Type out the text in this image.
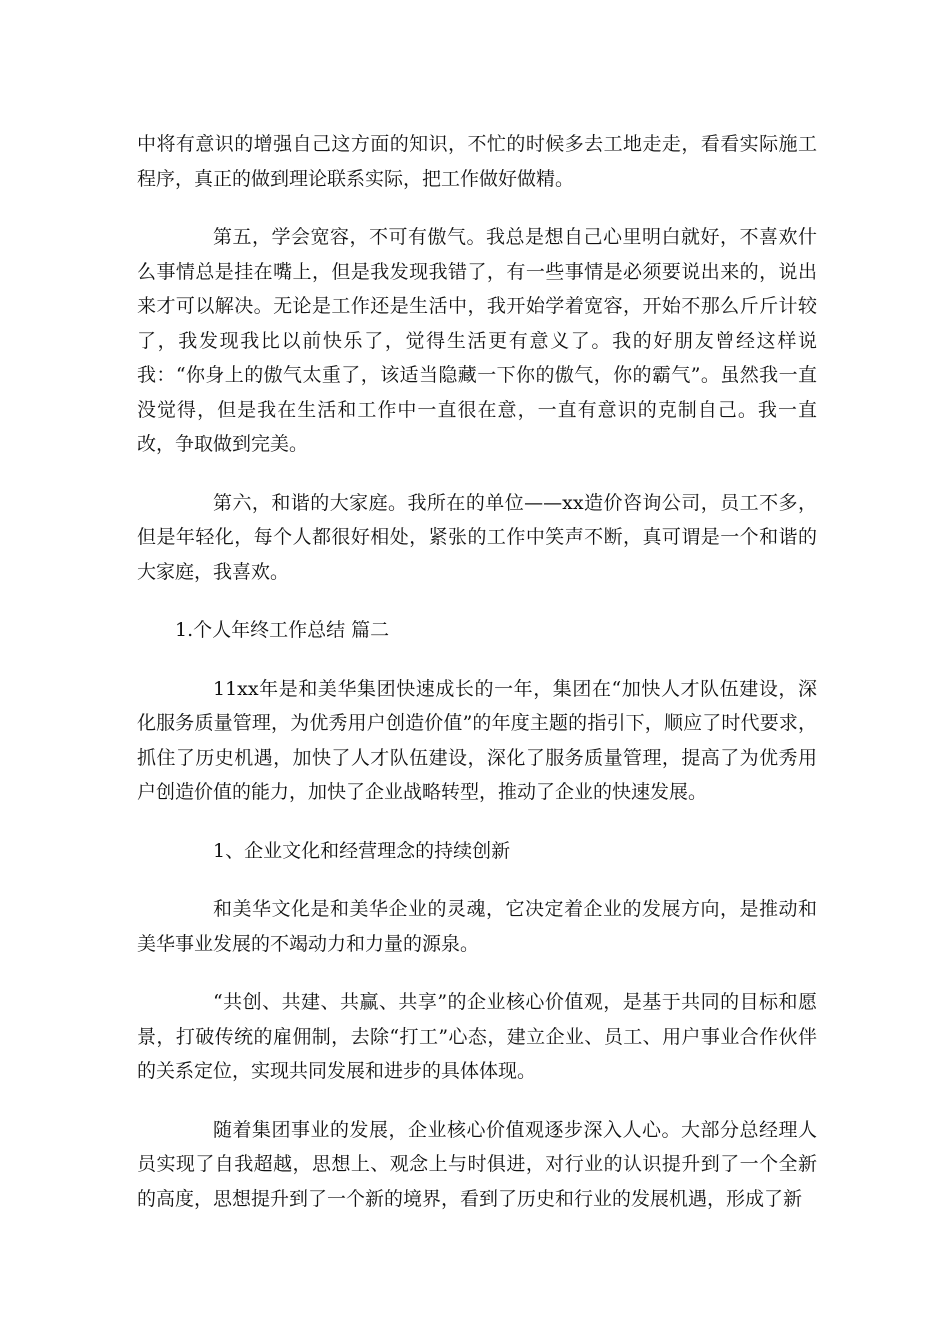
中将有意识的增强自己这方面的知识，不忙的时候多去工地走走，看看实际施工程序，真正的做到理论联系实际，把工作做好做精。

第五，学会宽容，不可有傲气。我总是想自己心里明白就好，不喜欢什么事情总是挂在嘴上，但是我发现我错了，有一些事情是必须要说出来的，说出来才可以解决。无论是工作还是生活中，我开始学着宽容，开始不那么斤斤计较了，我发现我比以前快乐了，觉得生活更有意义了。我的好朋友曾经这样说我：“你身上的傲气太重了，该适当隐藏一下你的傲气，你的霸气”。虽然我一直没觉得，但是我在生活和工作中一直很在意，一直有意识的克制自己。我一直改，争取做到完美。

第六，和谐的大家庭。我所在的单位——xx造价咨询公司，员工不多，但是年轻化，每个人都很好相处，紧张的工作中笑声不断，真可谓是一个和谐的大家庭，我喜欢。

1.个人年终工作总结 篇二

11xx年是和美华集团快速成长的一年，集团在“加快人才队伍建设，深化服务质量管理，为优秀用户创造价值”的年度主题的指引下，顺应了时代要求，抓住了历史机遇，加快了人才队伍建设，深化了服务质量管理，提高了为优秀用户创造价值的能力，加快了企业战略转型，推动了企业的快速发展。

1、企业文化和经营理念的持续创新

和美华文化是和美华企业的灵魂，它决定着企业的发展方向，是推动和美华事业发展的不竭动力和力量的源泉。

“共创、共建、共赢、共享”的企业核心价值观，是基于共同的目标和愿景，打破传统的雇佣制，去除“打工”心态，建立企业、员工、用户事业合作伙伴的关系定位，实现共同发展和进步的具体体现。

随着集团事业的发展，企业核心价值观逐步深入人心。大部分总经理人员实现了自我超越，思想上、观念上与时俱进，对行业的认识提升到了一个全新的高度，思想提升到了一个新的境界，看到了历史和行业的发展机遇，形成了新
